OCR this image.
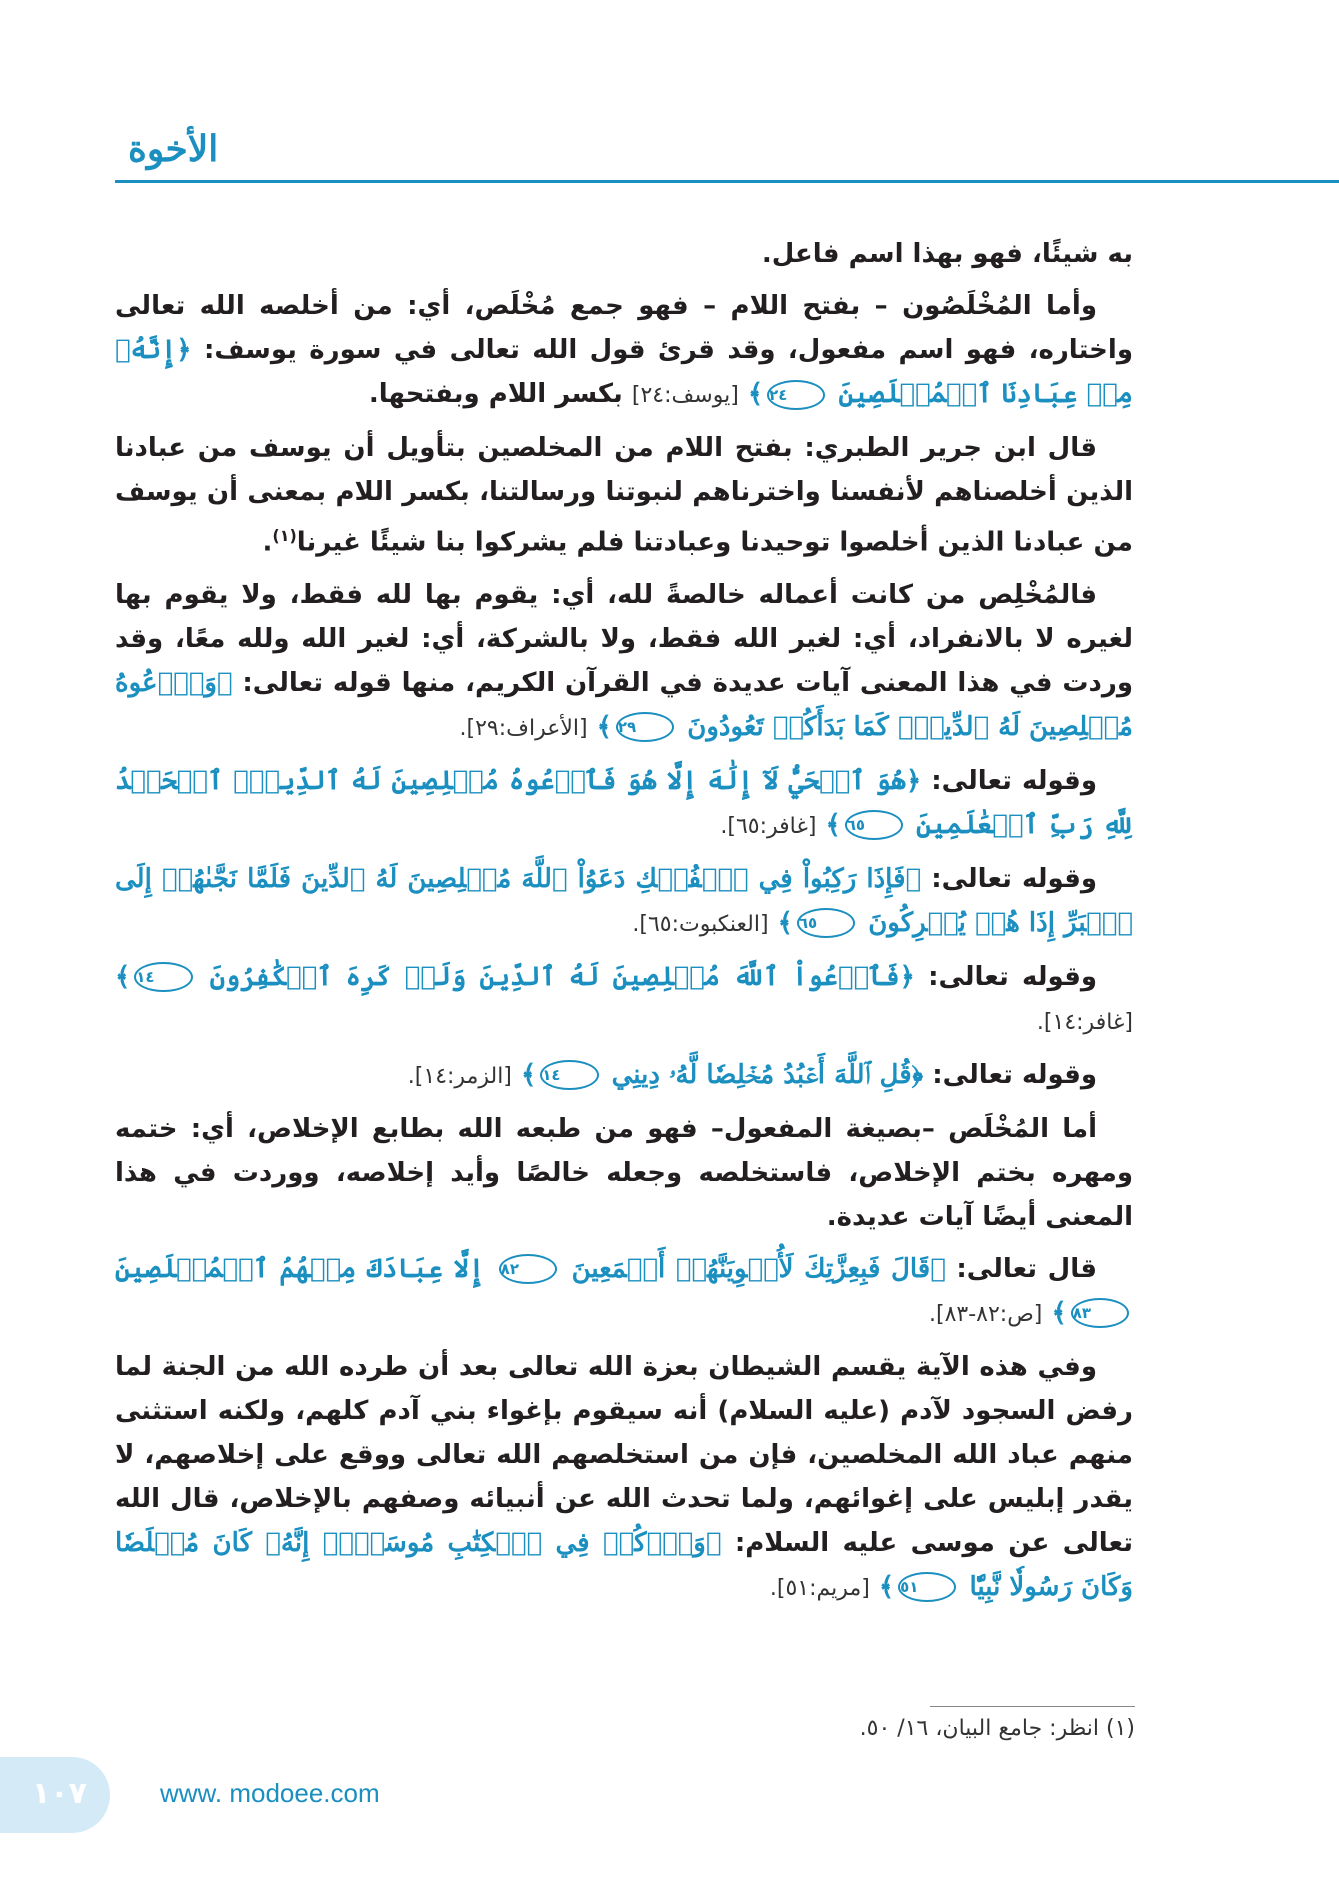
الأخوة

به شيئًا، فهو بهذا اسم فاعل.

وأما المُخْلَصُون – بفتح اللام – فهو جمع مُخْلَص، أي: من أخلصه الله تعالى واختاره، فهو اسم مفعول، وقد قرئ قول الله تعالى في سورة يوسف: ﴿إِنَّهُۥ مِنۡ عِبَادِنَا ٱلۡمُخۡلَصِينَ ٢٤﴾ [يوسف:٢٤] بكسر اللام وبفتحها.

قال ابن جرير الطبري: بفتح اللام من المخلصين بتأويل أن يوسف من عبادنا الذين أخلصناهم لأنفسنا واخترناهم لنبوتنا ورسالتنا، بكسر اللام بمعنى أن يوسف من عبادنا الذين أخلصوا توحيدنا وعبادتنا فلم يشركوا بنا شيئًا غيرنا$^{(١)}$.

فالمُخْلِص من كانت أعماله خالصةً لله، أي: يقوم بها لله فقط، ولا يقوم بها لغيره لا بالانفراد، أي: لغير الله فقط، ولا بالشركة، أي: لغير الله ولله معًا، وقد وردت في هذا المعنى آيات عديدة في القرآن الكريم، منها قوله تعالى: ﴿وَٱدۡعُوهُ مُخۡلِصِينَ لَهُ ٱلدِّينَۚ كَمَا بَدَأَكُمۡ تَعُودُونَ ٢٩﴾ [الأعراف:٢٩].

وقوله تعالى: ﴿هُوَ ٱلۡحَيُّ لَآ إِلَٰهَ إِلَّا هُوَ فَٱدۡعُوهُ مُخۡلِصِينَ لَهُ ٱلدِّينَۗ ٱلۡحَمۡدُ لِلَّهِ رَبِّ ٱلۡعَٰلَمِينَ ٦٥﴾ [غافر:٦٥].

وقوله تعالى: ﴿فَإِذَا رَكِبُواْ فِي ٱلۡفُلۡكِ دَعَوُاْ ٱللَّهَ مُخۡلِصِينَ لَهُ ٱلدِّينَ فَلَمَّا نَجَّىٰهُمۡ إِلَى ٱلۡبَرِّ إِذَا هُمۡ يُشۡرِكُونَ ٦٥﴾ [العنكبوت:٦٥].

وقوله تعالى: ﴿فَٱدۡعُواْ ٱللَّهَ مُخۡلِصِينَ لَهُ ٱلدِّينَ وَلَوۡ كَرِهَ ٱلۡكَٰفِرُونَ ١٤﴾ [غافر:١٤].

وقوله تعالى: ﴿قُلِ ٱللَّهَ أَعۡبُدُ مُخۡلِصٗا لَّهُۥ دِينِي ١٤﴾ [الزمر:١٤].

أما المُخْلَص –بصيغة المفعول– فهو من طبعه الله بطابع الإخلاص، أي: ختمه ومهره بختم الإخلاص، فاستخلصه وجعله خالصًا وأيد إخلاصه، ووردت في هذا المعنى أيضًا آيات عديدة.

قال تعالى: ﴿قَالَ فَبِعِزَّتِكَ لَأُغۡوِيَنَّهُمۡ أَجۡمَعِينَ ٨٢ إِلَّا عِبَادَكَ مِنۡهُمُ ٱلۡمُخۡلَصِينَ ٨٣﴾ [ص:٨٢-٨٣].

وفي هذه الآية يقسم الشيطان بعزة الله تعالى بعد أن طرده الله من الجنة لما رفض السجود لآدم (عليه السلام) أنه سيقوم بإغواء بني آدم كلهم، ولكنه استثنى منهم عباد الله المخلصين، فإن من استخلصهم الله تعالى ووقع على إخلاصهم، لا يقدر إبليس على إغوائهم، ولما تحدث الله عن أنبيائه وصفهم بالإخلاص، قال الله تعالى عن موسى عليه السلام: ﴿وَٱذۡكُرۡ فِي ٱلۡكِتَٰبِ مُوسَىٰٓۚ إِنَّهُۥ كَانَ مُخۡلَصٗا وَكَانَ رَسُولٗا نَّبِيّٗا ٥١﴾ [مريم:٥١].

(١) انظر: جامع البيان، ١٦/ ٥٠.

١٠٧	www. modoee.com
